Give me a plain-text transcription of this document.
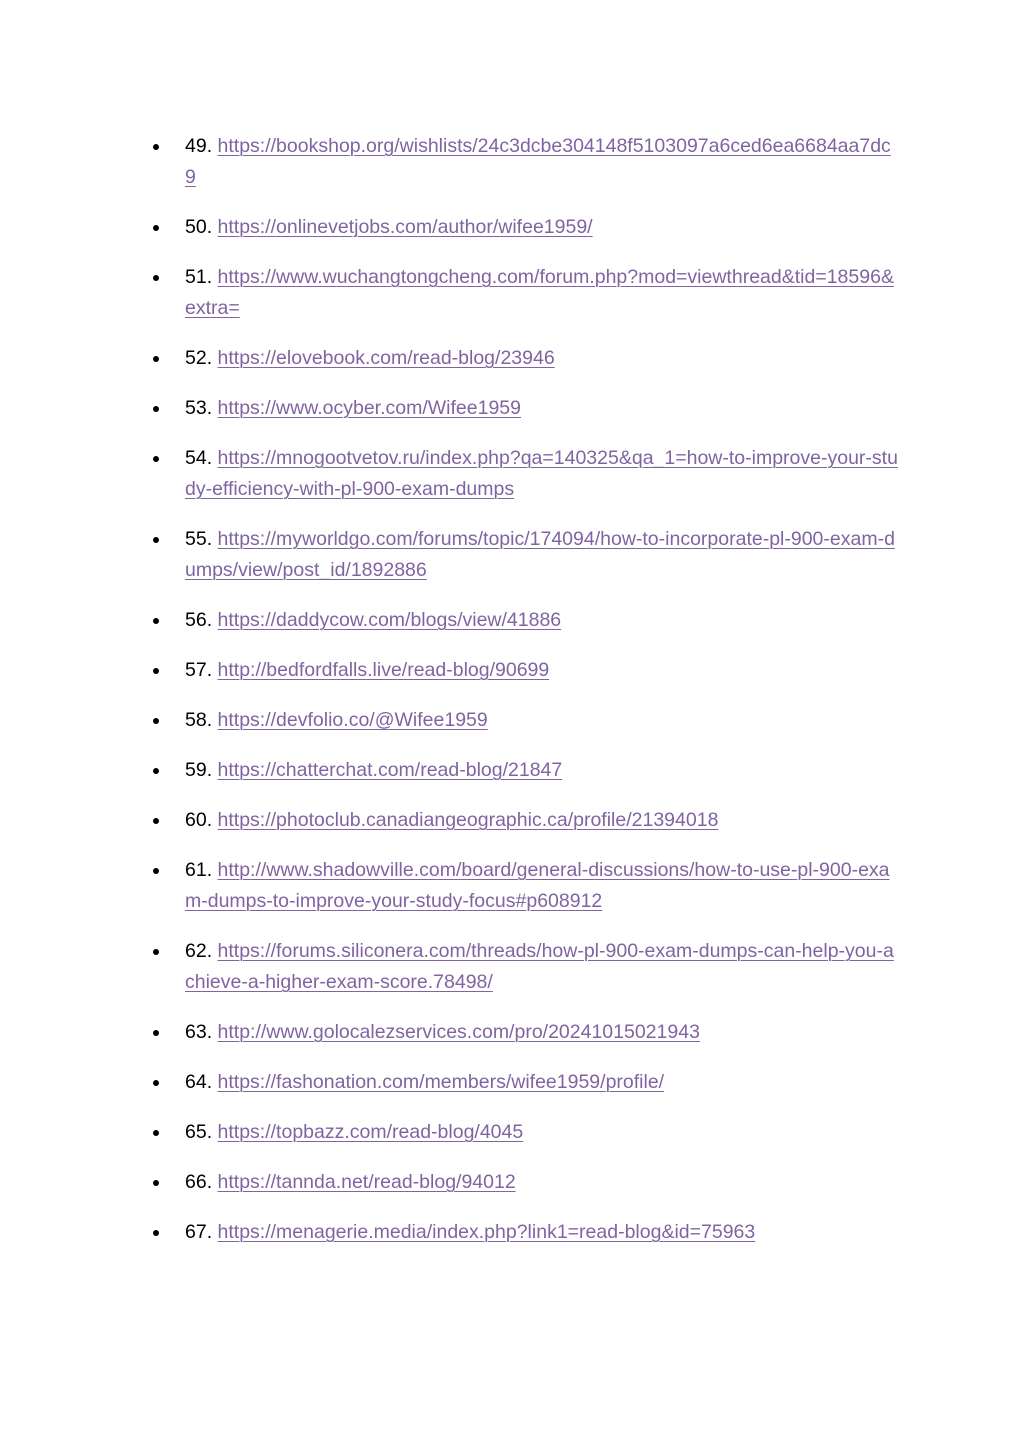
49. https://bookshop.org/wishlists/24c3dcbe304148f5103097a6ced6ea6684aa7dc9
50. https://onlinevetjobs.com/author/wifee1959/
51. https://www.wuchangtongcheng.com/forum.php?mod=viewthread&tid=18596&extra=
52. https://elovebook.com/read-blog/23946
53. https://www.ocyber.com/Wifee1959
54. https://mnogootvetov.ru/index.php?qa=140325&qa_1=how-to-improve-your-study-efficiency-with-pl-900-exam-dumps
55. https://myworldgo.com/forums/topic/174094/how-to-incorporate-pl-900-exam-dumps/view/post_id/1892886
56. https://daddycow.com/blogs/view/41886
57. http://bedfordfalls.live/read-blog/90699
58. https://devfolio.co/@Wifee1959
59. https://chatterchat.com/read-blog/21847
60. https://photoclub.canadiangeographic.ca/profile/21394018
61. http://www.shadowville.com/board/general-discussions/how-to-use-pl-900-exam-dumps-to-improve-your-study-focus#p608912
62. https://forums.siliconera.com/threads/how-pl-900-exam-dumps-can-help-you-achieve-a-higher-exam-score.78498/
63. http://www.golocalezservices.com/pro/20241015021943
64. https://fashonation.com/members/wifee1959/profile/
65. https://topbazz.com/read-blog/4045
66. https://tannda.net/read-blog/94012
67. https://menagerie.media/index.php?link1=read-blog&id=75963
